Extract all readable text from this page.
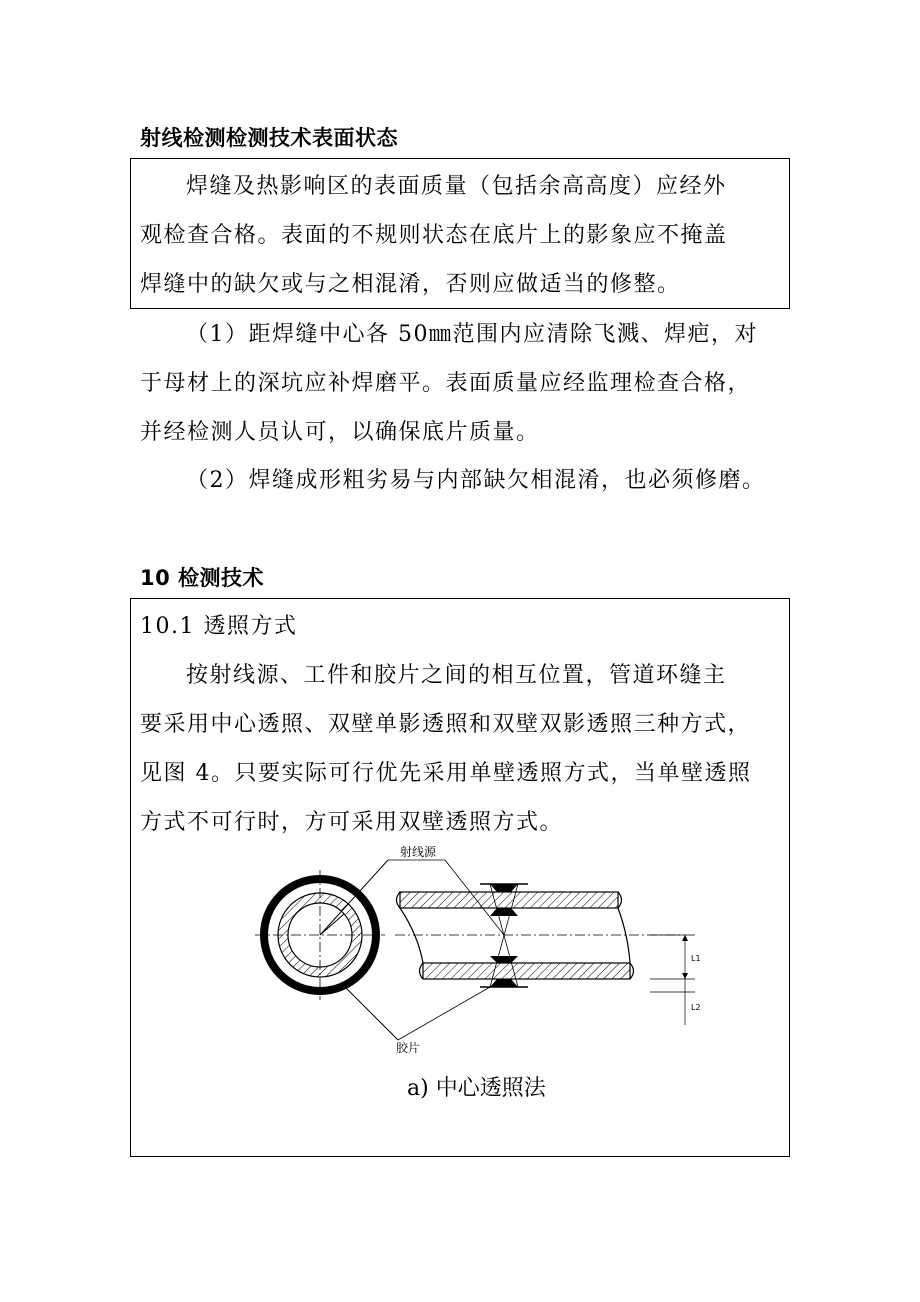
射线检测检测技术表面状态
焊缝及热影响区的表面质量（包括余高高度）应经外
观检查合格。表面的不规则状态在底片上的影象应不掩盖
焊缝中的缺欠或与之相混淆，否则应做适当的修整。
（1）距焊缝中心各 50㎜范围内应清除飞溅、焊疤，对
于母材上的深坑应补焊磨平。表面质量应经监理检查合格，
并经检测人员认可，以确保底片质量。
（2）焊缝成形粗劣易与内部缺欠相混淆，也必须修磨。
10 检测技术
10.1 透照方式
按射线源、工件和胶片之间的相互位置，管道环缝主
要采用中心透照、双壁单影透照和双壁双影透照三种方式，
见图 4。只要实际可行优先采用单壁透照方式，当单壁透照
方式不可行时，方可采用双壁透照方式。
L1
L2
射线源
胶片
a) 中心透照法
